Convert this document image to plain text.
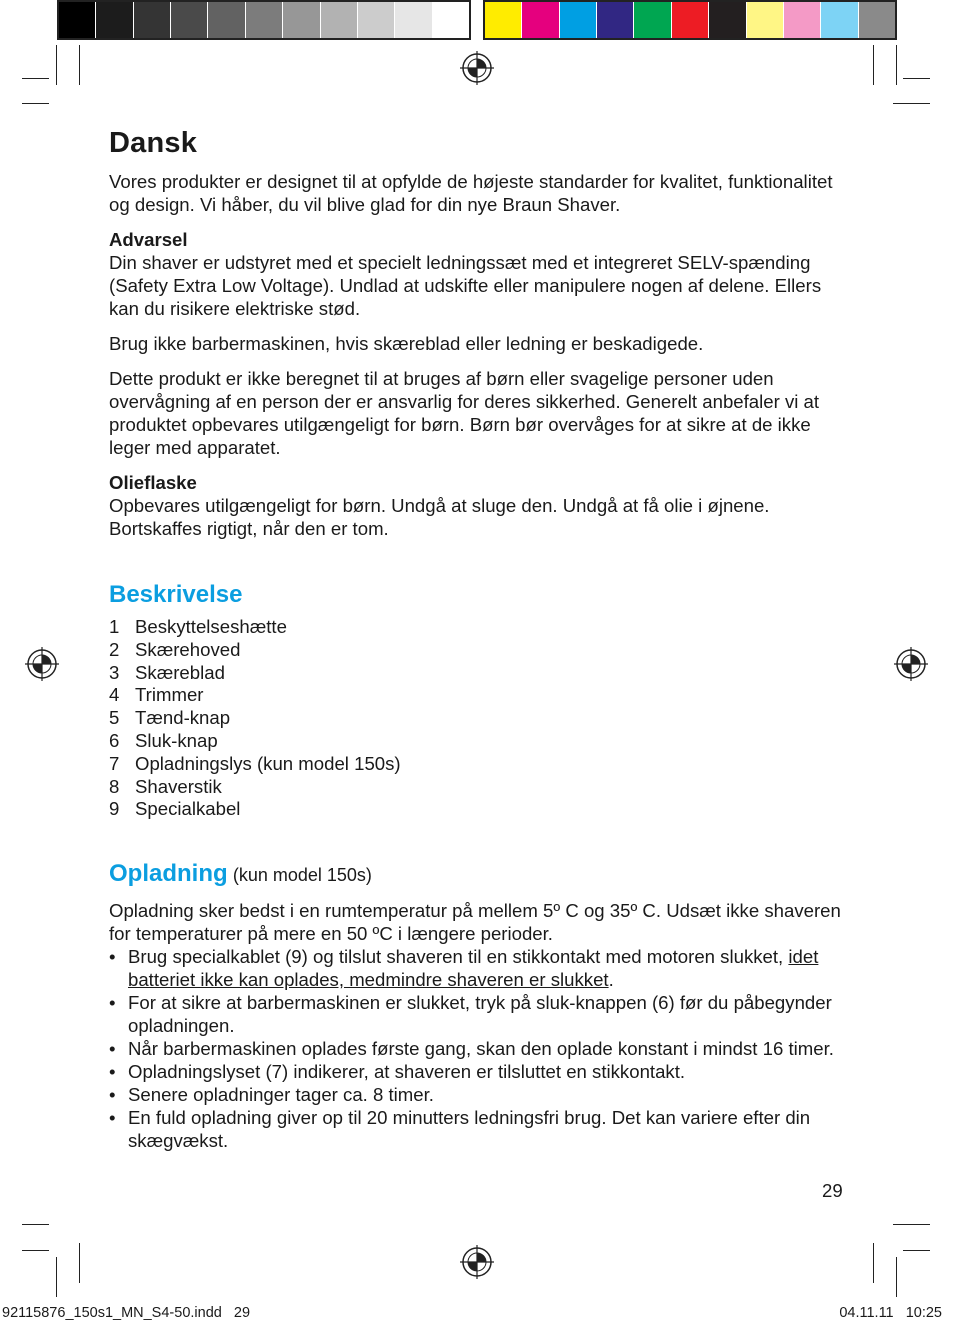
Dansk

Vores produkter er designet til at opfylde de højeste standarder for kvalitet, funktionalitet og design. Vi håber, du vil blive glad for din nye Braun Shaver.

Advarsel
Din shaver er udstyret med et specielt ledningssæt med et integreret SELV-spænding (Safety Extra Low Voltage). Undlad at udskifte eller manipulere nogen af delene. Ellers kan du risikere elektriske stød.

Brug ikke barbermaskinen, hvis skæreblad eller ledning er beskadigede.

Dette produkt er ikke beregnet til at bruges af børn eller svagelige personer uden overvågning af en person der er ansvarlig for deres sikkerhed. Generelt anbefaler vi at produktet opbevares utilgængeligt for børn. Børn bør overvåges for at sikre at de ikke leger med apparatet.

Olieflaske
Opbevares utilgængeligt for børn. Undgå at sluge den. Undgå at få olie i øjnene. Bortskaffes rigtigt, når den er tom.

Beskrivelse
1 Beskyttelseshætte
2 Skærehoved
3 Skæreblad
4 Trimmer
5 Tænd-knap
6 Sluk-knap
7 Opladningslys (kun model 150s)
8 Shaverstik
9 Specialkabel
Opladning (kun model 150s)

Opladning sker bedst i en rumtemperatur på mellem 5º C og 35º C. Udsæt ikke shaveren for temperaturer på mere en 50 ºC i længere perioder.

• Brug specialkablet (9) og tilslut shaveren til en stikkontakt med motoren slukket, idet batteriet ikke kan oplades, medmindre shaveren er slukket.
• For at sikre at barbermaskinen er slukket, tryk på sluk-knappen (6) før du påbegynder opladningen.
• Når barbermaskinen oplades første gang, skan den oplade konstant i mindst 16 timer.
• Opladningslyset (7) indikerer, at shaveren er tilsluttet en stikkontakt.
• Senere opladninger tager ca. 8 timer.
• En fuld opladning giver op til 20 minutters ledningsfri brug. Det kan variere efter din skægvækst.
29
92115876_150s1_MN_S4-50.indd   29	04.11.11   10:25
